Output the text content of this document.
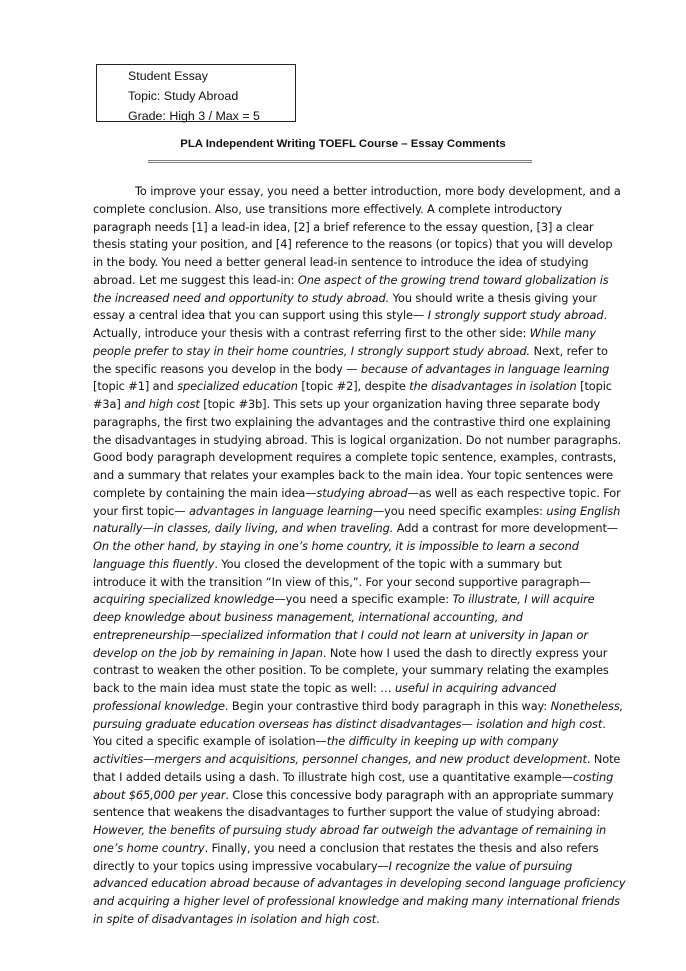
Student Essay
Topic: Study Abroad
Grade: High 3 / Max = 5
PLA Independent Writing TOEFL Course – Essay Comments
To improve your essay, you need a better introduction, more body development, and a
complete conclusion. Also, use transitions more effectively. A complete introductory
paragraph needs [1] a lead-in idea, [2] a brief reference to the essay question, [3] a clear
thesis stating your position, and [4] reference to the reasons (or topics) that you will develop
in the body. You need a better general lead-in sentence to introduce the idea of studying
abroad. Let me suggest this lead-in: One aspect of the growing trend toward globalization is
the increased need and opportunity to study abroad. You should write a thesis giving your
essay a central idea that you can support using this style— I strongly support study abroad.
Actually, introduce your thesis with a contrast referring first to the other side: While many
people prefer to stay in their home countries, I strongly support study abroad. Next, refer to
the specific reasons you develop in the body — because of advantages in language learning
[topic #1] and specialized education [topic #2], despite the disadvantages in isolation [topic
#3a] and high cost [topic #3b]. This sets up your organization having three separate body
paragraphs, the first two explaining the advantages and the contrastive third one explaining
the disadvantages in studying abroad. This is logical organization. Do not number paragraphs.
Good body paragraph development requires a complete topic sentence, examples, contrasts,
and a summary that relates your examples back to the main idea. Your topic sentences were
complete by containing the main idea—studying abroad—as well as each respective topic. For
your first topic— advantages in language learning—you need specific examples: using English
naturally—in classes, daily living, and when traveling. Add a contrast for more development—
On the other hand, by staying in one’s home country, it is impossible to learn a second
language this fluently. You closed the development of the topic with a summary but
introduce it with the transition “In view of this,”. For your second supportive paragraph—
acquiring specialized knowledge—you need a specific example: To illustrate, I will acquire
deep knowledge about business management, international accounting, and
entrepreneurship—specialized information that I could not learn at university in Japan or
develop on the job by remaining in Japan. Note how I used the dash to directly express your
contrast to weaken the other position. To be complete, your summary relating the examples
back to the main idea must state the topic as well: … useful in acquiring advanced
professional knowledge. Begin your contrastive third body paragraph in this way: Nonetheless,
pursuing graduate education overseas has distinct disadvantages— isolation and high cost.
You cited a specific example of isolation—the difficulty in keeping up with company
activities—mergers and acquisitions, personnel changes, and new product development. Note
that I added details using a dash. To illustrate high cost, use a quantitative example—costing
about $65,000 per year. Close this concessive body paragraph with an appropriate summary
sentence that weakens the disadvantages to further support the value of studying abroad:
However, the benefits of pursuing study abroad far outweigh the advantage of remaining in
one’s home country. Finally, you need a conclusion that restates the thesis and also refers
directly to your topics using impressive vocabulary—I recognize the value of pursuing
advanced education abroad because of advantages in developing second language proficiency
and acquiring a higher level of professional knowledge and making many international friends
in spite of disadvantages in isolation and high cost.
